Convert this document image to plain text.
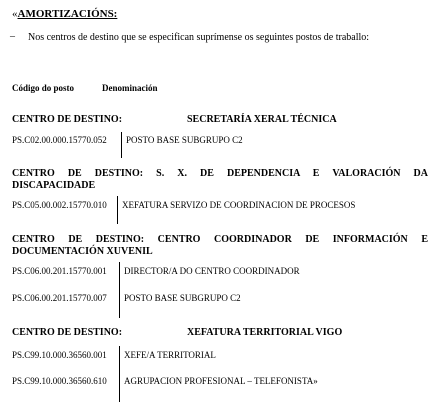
«AMORTIZACIÓNS:
– Nos centros de destino que se especifican suprímense os seguintes postos de traballo:
Código do posto	Denominación
CENTRO DE DESTINO:	SECRETARÍA XERAL TÉCNICA
PS.C02.00.000.15770.052 POSTO BASE SUBGRUPO C2
CENTRO DE DESTINO: S. X. DE DEPENDENCIA E VALORACIÓN DA
DISCAPACIDADE
PS.C05.00.002.15770.010 XEFATURA SERVIZO DE COORDINACION DE PROCESOS
CENTRO DE DESTINO: CENTRO COORDINADOR DE INFORMACIÓN E
DOCUMENTACIÓN XUVENIL
PS.C06.00.201.15770.001 DIRECTOR/A DO CENTRO COORDINADOR
PS.C06.00.201.15770.007 POSTO BASE SUBGRUPO C2
CENTRO DE DESTINO:	XEFATURA TERRITORIAL VIGO
PS.C99.10.000.36560.001 XEFE/A TERRITORIAL
PS.C99.10.000.36560.610 AGRUPACION PROFESIONAL – TELEFONISTA»
